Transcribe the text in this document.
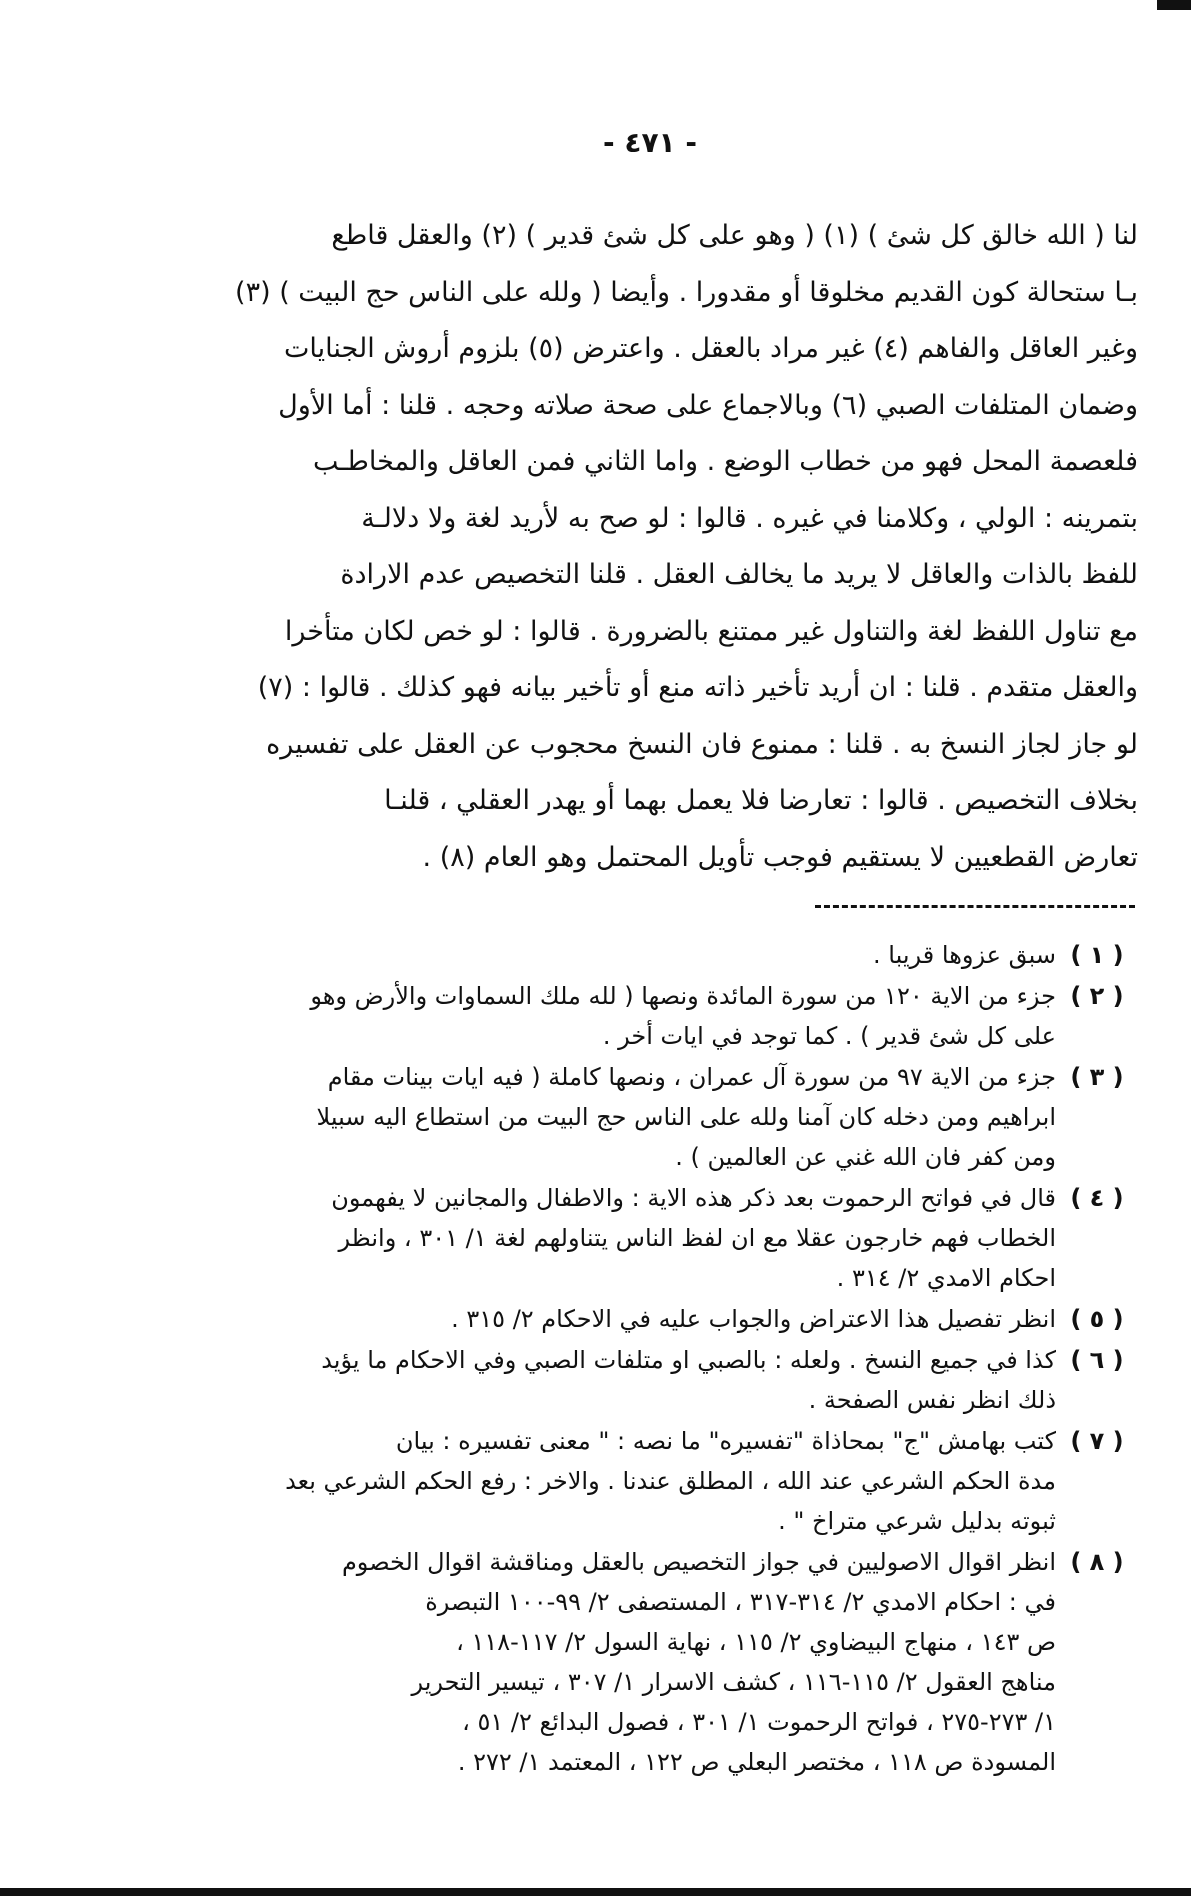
- ٤٧١ -
لنا ( الله خالق كل شئ ) (١) ( وهو على كل شئ قدير ) (٢) والعقل قاطع
بـا ستحالة كون القديم مخلوقا أو مقدورا . وأيضا ( ولله على الناس حج البيت ) (٣)
وغير العاقل والفاهم (٤) غير مراد بالعقل . واعترض (٥) بلزوم أروش الجنايات
وضمان المتلفات الصبي (٦) وبالاجماع على صحة صلاته وحجه . قلنا : أما الأول
فلعصمة المحل فهو من خطاب الوضع . واما الثاني فمن العاقل والمخاطـب
بتمرينه : الولي ، وكلامنا في غيره . قالوا : لو صح به لأريد لغة ولا دلالـة
للفظ بالذات والعاقل لا يريد ما يخالف العقل . قلنا التخصيص عدم الارادة
مع تناول اللفظ لغة والتناول غير ممتنع بالضرورة . قالوا : لو خص لكان متأخرا
والعقل متقدم . قلنا : ان أريد تأخير ذاته منع أو تأخير بيانه فهو كذلك . قالوا : (٧)
لو جاز لجاز النسخ به . قلنا : ممنوع فان النسخ محجوب عن العقل على تفسيره
بخلاف التخصيص . قالوا : تعارضا فلا يعمل بهما أو يهدر العقلي ، قلنـا
تعارض القطعيين لا يستقيم فوجب تأويل المحتمل وهو العام (٨) .
( ١ )
سبق عزوها قريبا .
( ٢ )
جزء من الاية ١٢٠ من سورة المائدة ونصها ( لله ملك السماوات والأرض وهو
على كل شئ قدير ) . كما توجد في ايات أخر .
( ٣ )
جزء من الاية ٩٧ من سورة آل عمران ، ونصها كاملة ( فيه ايات بينات مقام
ابراهيم ومن دخله كان آمنا ولله على الناس حج البيت من استطاع اليه سبيلا
ومن كفر فان الله غني عن العالمين ) .
( ٤ )
قال في فواتح الرحموت بعد ذكر هذه الاية : والاطفال والمجانين لا يفهمون
الخطاب فهم خارجون عقلا مع ان لفظ الناس يتناولهم لغة ١/ ٣٠١ ، وانظر
احكام الامدي ٢/ ٣١٤ .
( ٥ )
انظر تفصيل هذا الاعتراض والجواب عليه في الاحكام ٢/ ٣١٥ .
( ٦ )
كذا في جميع النسخ . ولعله : بالصبي او متلفات الصبي وفي الاحكام ما يؤيد
ذلك انظر نفس الصفحة .
( ٧ )
كتب بهامش "ج" بمحاذاة "تفسيره" ما نصه : " معنى تفسيره : بيان
مدة الحكم الشرعي عند الله ، المطلق عندنا . والاخر : رفع الحكم الشرعي بعد
ثبوته بدليل شرعي متراخ " .
( ٨ )
انظر اقوال الاصوليين في جواز التخصيص بالعقل ومناقشة اقوال الخصوم
في : احكام الامدي ٢/ ٣١٤-٣١٧ ، المستصفى ٢/ ٩٩-١٠٠ التبصرة
ص ١٤٣ ، منهاج البيضاوي ٢/ ١١٥ ، نهاية السول ٢/ ١١٧-١١٨ ،
مناهج العقول ٢/ ١١٥-١١٦ ، كشف الاسرار ١/ ٣٠٧ ، تيسير التحرير
١/ ٢٧٣-٢٧٥ ، فواتح الرحموت ١/ ٣٠١ ، فصول البدائع ٢/ ٥١ ،
المسودة ص ١١٨ ، مختصر البعلي ص ١٢٢ ، المعتمد ١/ ٢٧٢ .
